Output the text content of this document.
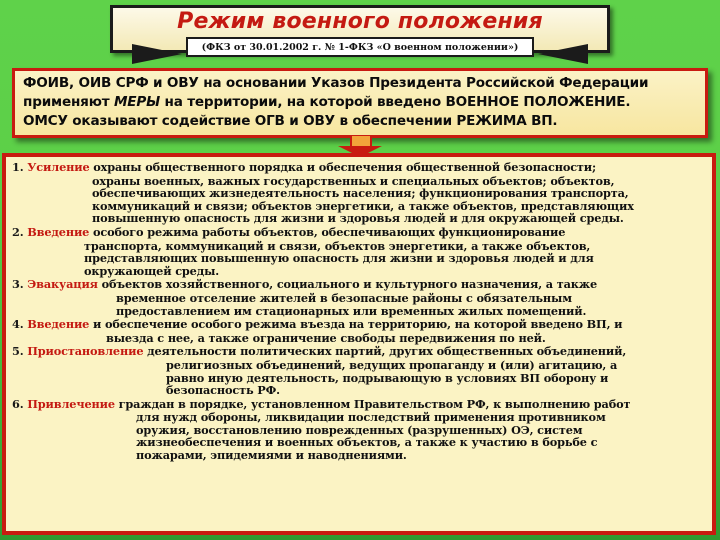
Режим военного положения
(ФКЗ от 30.01.2002 г. № 1-ФКЗ «О военном положении»)

ФОИВ, ОИВ СРФ и ОВУ на основании Указов Президента Российской Федерации

применяют МЕРЫ на территории, на которой введено ВОЕННОЕ ПОЛОЖЕНИЕ.

ОМСУ оказывают содействие ОГВ и ОВУ в обеспечении РЕЖИМА ВП.

1. Усиление охраны общественного порядка и обеспечения общественной безопасности;
охраны военных, важных государственных и специальных объектов; объектов,
обеспечивающих жизнедеятельность населения; функционирования транспорта,
коммуникаций и связи; объектов энергетики, а также объектов, представляющих
повышенную опасность для жизни и здоровья людей и для окружающей среды.
2. Введение особого режима работы объектов, обеспечивающих функционирование
транспорта, коммуникаций и связи, объектов энергетики, а также объектов,
представляющих повышенную опасность для жизни и здоровья людей и для
окружающей среды.
3. Эвакуация объектов хозяйственного, социального и культурного назначения, а также
временное отселение жителей в безопасные районы с обязательным
предоставлением им стационарных или временных жилых помещений.
4. Введение и обеспечение особого режима въезда на территорию, на которой введено ВП, и
выезда с нее, а также ограничение свободы передвижения по ней.
5. Приостановление деятельности политических партий, других общественных объединений,
религиозных объединений, ведущих пропаганду и (или) агитацию, а
равно иную деятельность, подрывающую в условиях ВП оборону и
безопасность РФ.
6. Привлечение граждан в порядке, установленном Правительством РФ, к выполнению работ
для нужд обороны, ликвидации последствий применения противником
оружия, восстановлению поврежденных (разрушенных) ОЭ, систем
жизнеобеспечения и военных объектов, а также к участию в борьбе с
пожарами, эпидемиями и наводнениями.
